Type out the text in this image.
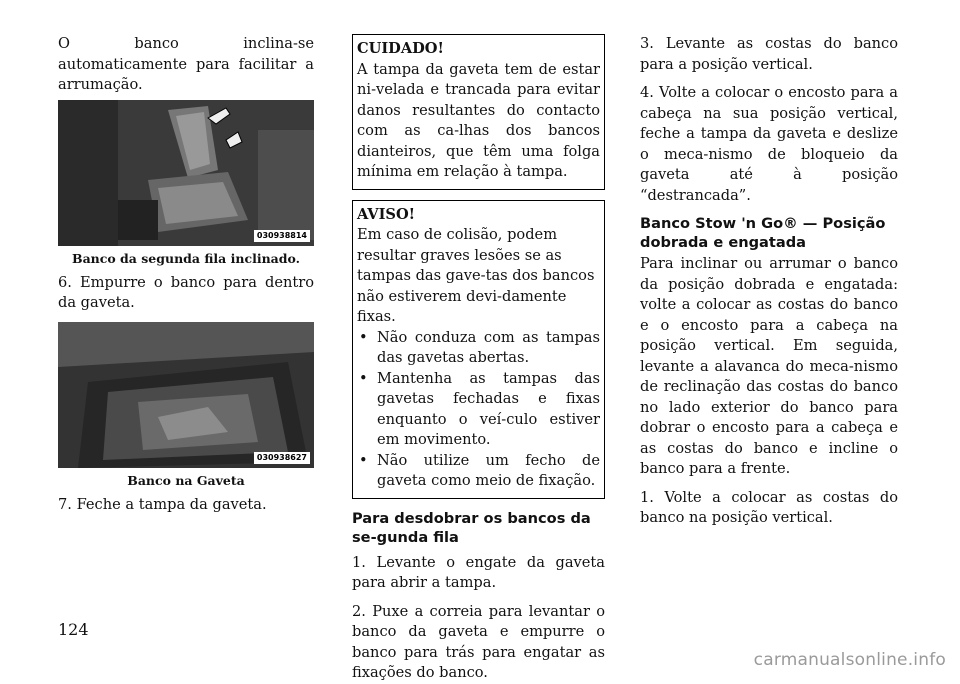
O banco inclina-se automaticamente para facilitar a arrumação.

030938814
Banco da segunda fila inclinado.

6. Empurre o banco para dentro da gaveta.

030938627
Banco na Gaveta

7. Feche a tampa da gaveta.

CUIDADO!

A tampa da gaveta tem de estar ni-velada e trancada para evitar danos resultantes do contacto com as ca-lhas dos bancos dianteiros, que têm uma folga mínima em relação à tampa.

AVISO!

Em caso de colisão, podem resultar graves lesões se as tampas das gave-tas dos bancos não estiverem devi-damente fixas.

• Não conduza com as tampas das gavetas abertas.
• Mantenha as tampas das gavetas fechadas e fixas enquanto o veí-culo estiver em movimento.
• Não utilize um fecho de gaveta como meio de fixação.
Para desdobrar os bancos da se-gunda fila

1. Levante o engate da gaveta para abrir a tampa.

2. Puxe a correia para levantar o banco da gaveta e empurre o banco para trás para engatar as fixações do banco.

3. Levante as costas do banco para a posição vertical.

4. Volte a colocar o encosto para a cabeça na sua posição vertical, feche a tampa da gaveta e deslize o meca-nismo de bloqueio da gaveta até à posição “destrancada”.

Banco Stow 'n Go® — Posição dobrada e engatada

Para inclinar ou arrumar o banco da posição dobrada e engatada: volte a colocar as costas do banco e o encosto para a cabeça na posição vertical. Em seguida, levante a alavanca do meca-nismo de reclinação das costas do banco no lado exterior do banco para dobrar o encosto para a cabeça e as costas do banco e incline o banco para a frente.

1. Volte a colocar as costas do banco na posição vertical.

124
carmanualsonline.info
